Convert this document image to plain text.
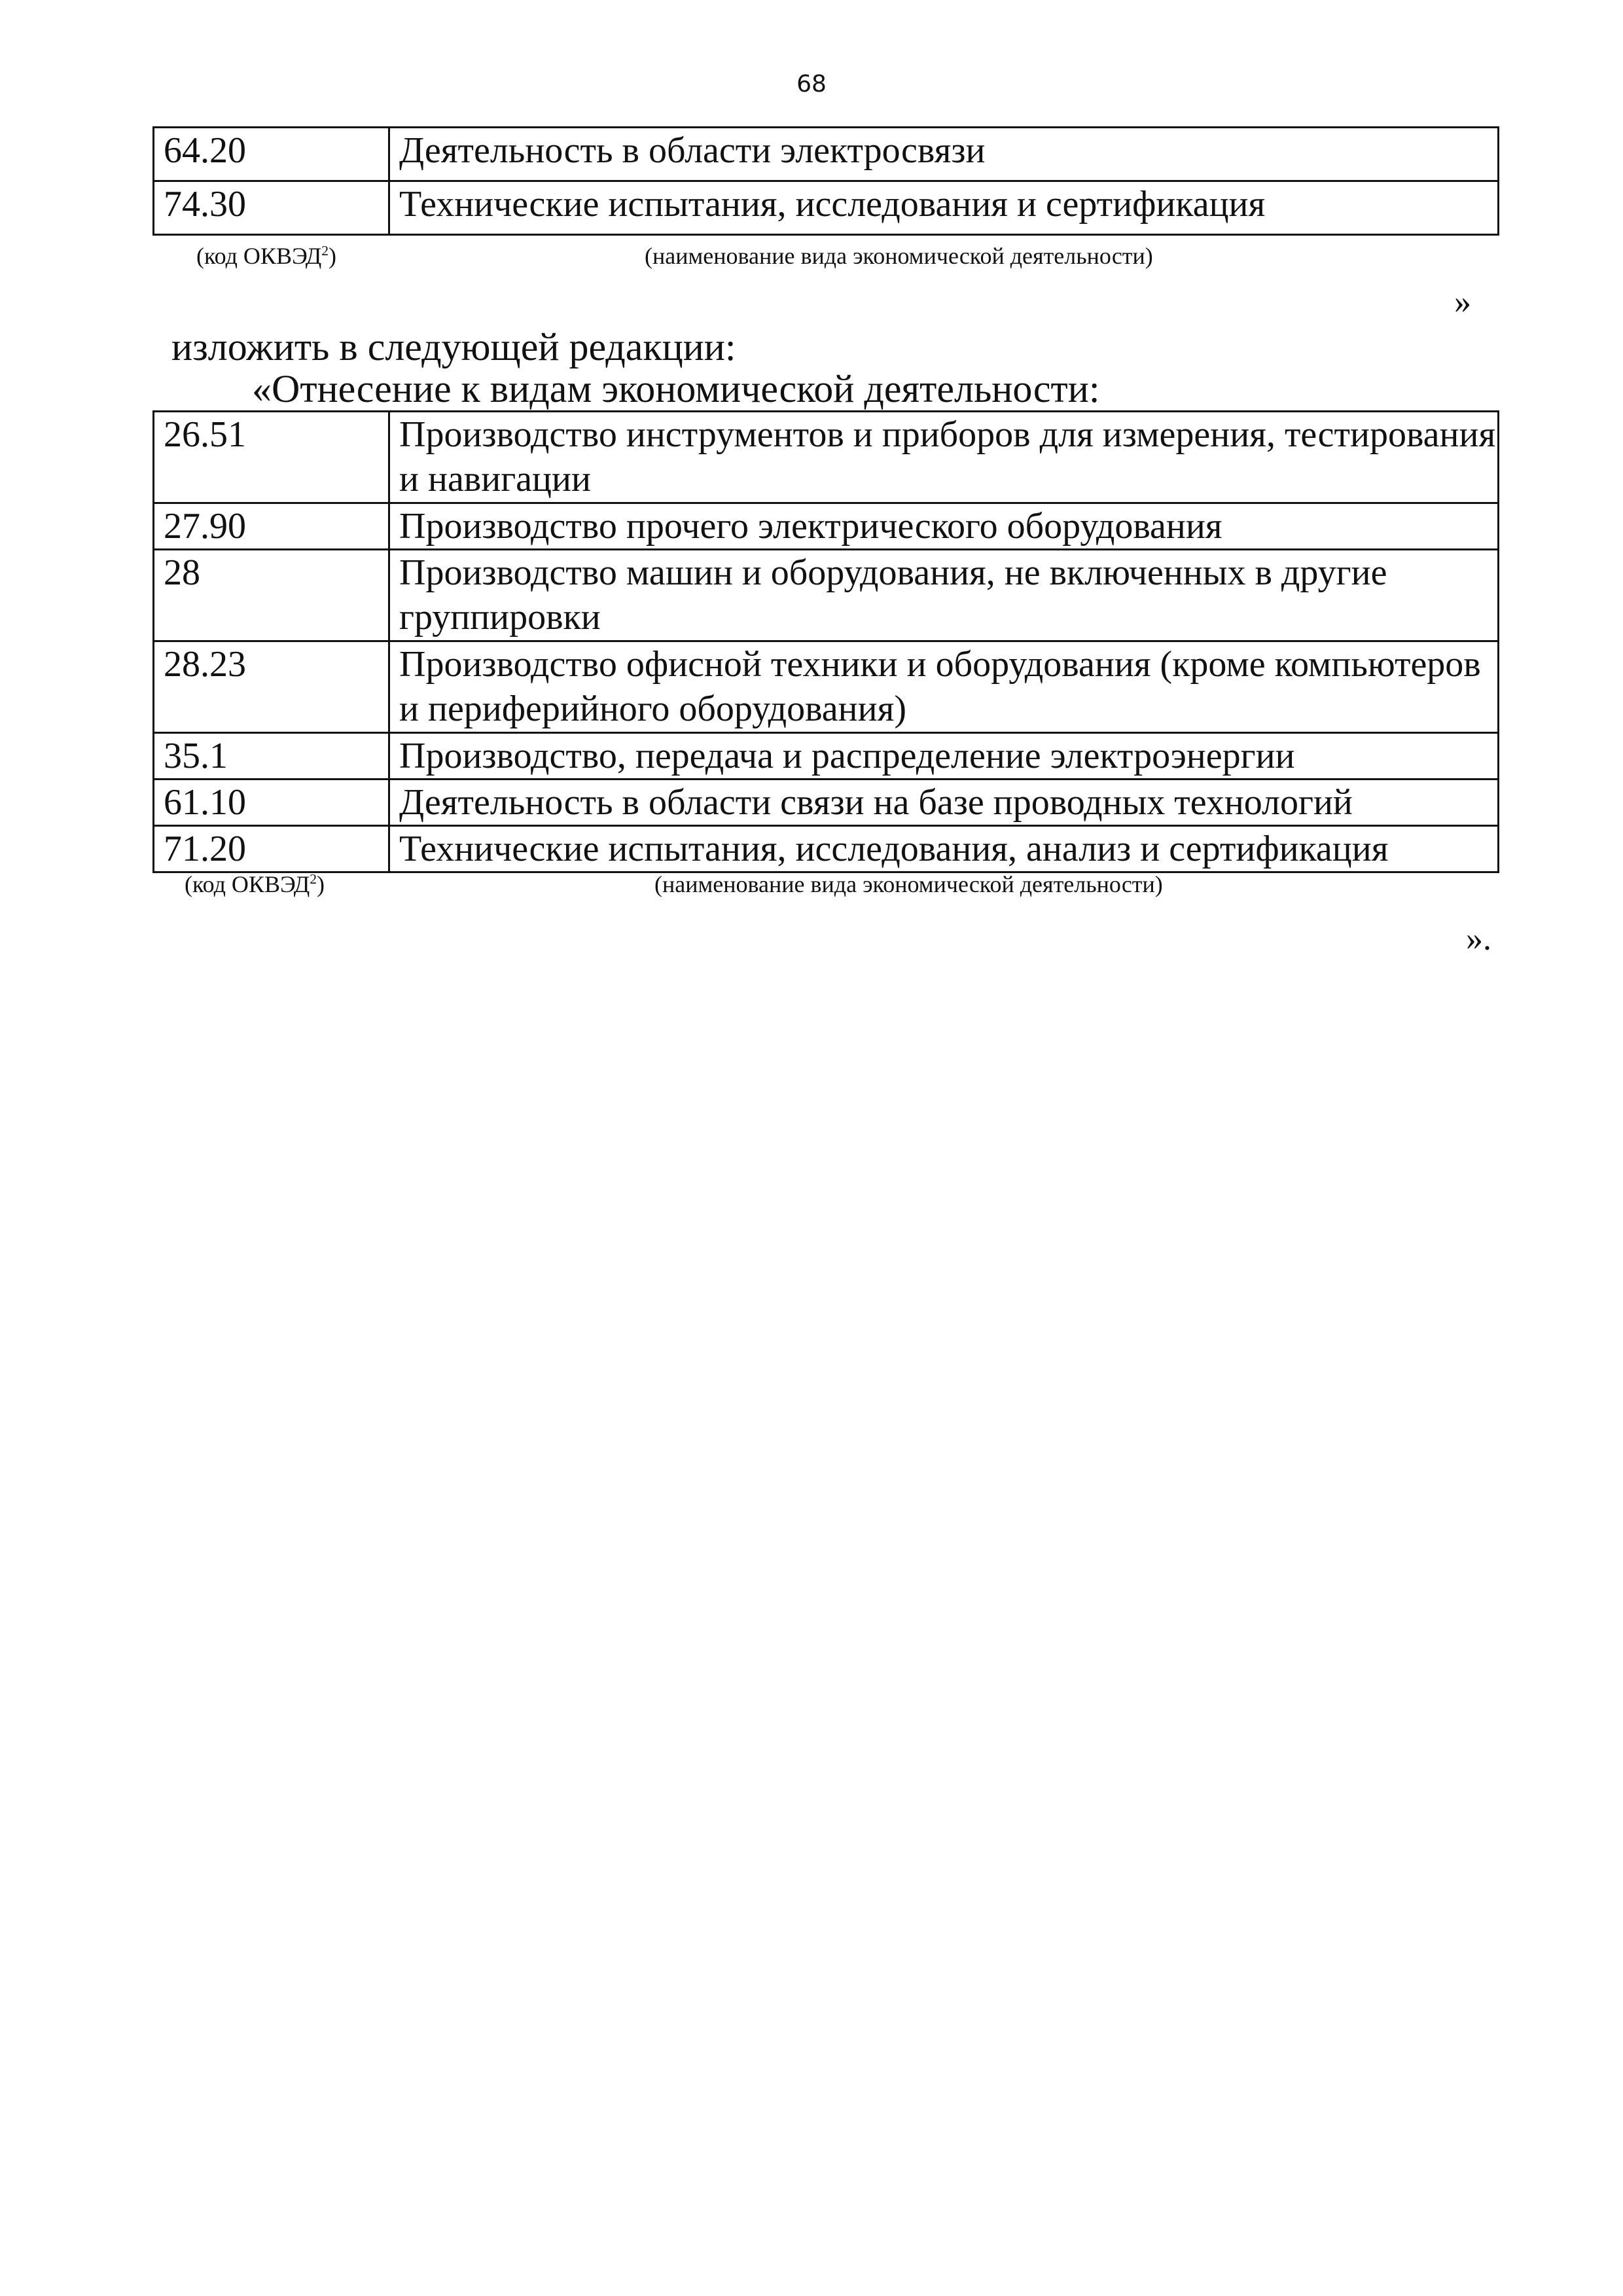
68
64.20	Деятельность в области электросвязи
74.30	Технические испытания, исследования и сертификация
(код ОКВЭД$^2$)	(наименование вида экономической деятельности)
»
изложить в следующей редакции:
«Отнесение к видам экономической деятельности:
26.51	Производство инструментов и приборов для измерения, тестирования и навигации
27.90	Производство прочего электрического оборудования
28	Производство машин и оборудования, не включенных в другие группировки
28.23	Производство офисной техники и оборудования (кроме компьютеров и периферийного оборудования)
35.1	Производство, передача и распределение электроэнергии
61.10	Деятельность в области связи на базе проводных технологий
71.20	Технические испытания, исследования, анализ и сертификация
(код ОКВЭД$^2$)	(наименование вида экономической деятельности)
».
